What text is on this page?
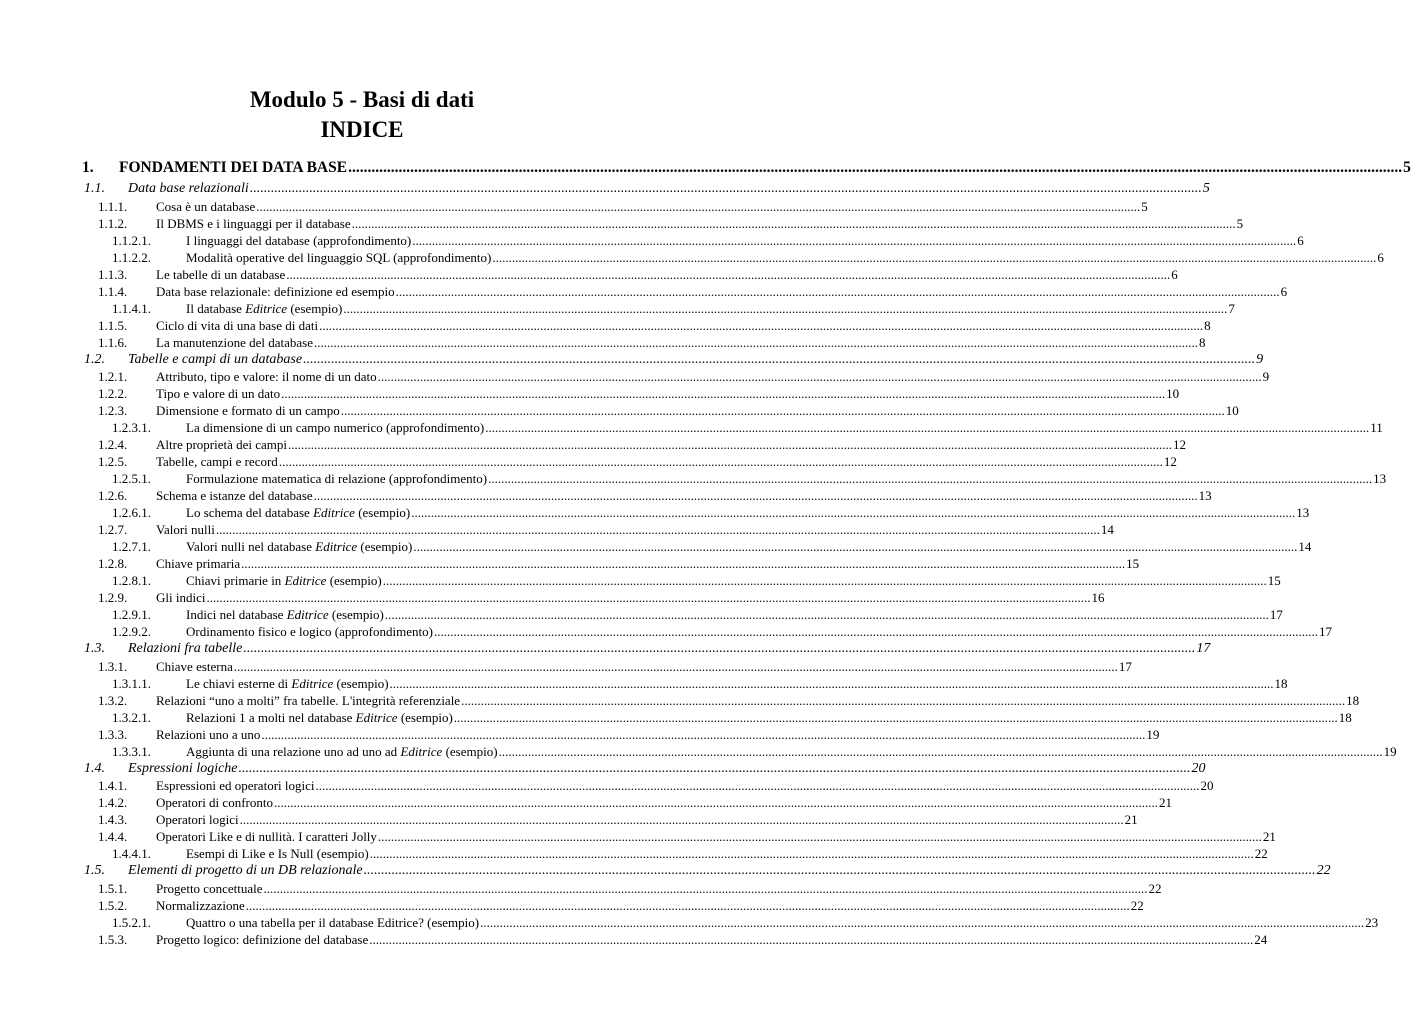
Modulo 5 - Basi di dati
INDICE
1.	FONDAMENTI DEI DATA BASE .....	5
1.1.	Data base relazionali .....	5
1.1.1.	Cosa è un database .....	5
1.1.2.	Il DBMS e i linguaggi per il database .....	5
1.1.2.1.	I linguaggi del database (approfondimento) .....	6
1.1.2.2.	Modalità operative del linguaggio SQL (approfondimento) .....	6
1.1.3.	Le tabelle di un database .....	6
1.1.4.	Data base relazionale: definizione ed esempio .....	6
1.1.4.1.	Il database Editrice (esempio) .....	7
1.1.5.	Ciclo di vita di una base di dati .....	8
1.1.6.	La manutenzione del database .....	8
1.2.	Tabelle e campi di un database .....	9
1.2.1.	Attributo, tipo e valore: il nome di un dato .....	9
1.2.2.	Tipo e valore di un dato .....	10
1.2.3.	Dimensione e formato di un campo .....	10
1.2.3.1.	La dimensione di un campo numerico (approfondimento) .....	11
1.2.4.	Altre proprietà dei campi .....	12
1.2.5.	Tabelle, campi e record .....	12
1.2.5.1.	Formulazione matematica di relazione (approfondimento) .....	13
1.2.6.	Schema e istanze del database .....	13
1.2.6.1.	Lo schema del database Editrice (esempio) .....	13
1.2.7.	Valori nulli .....	14
1.2.7.1.	Valori nulli nel database Editrice (esempio) .....	14
1.2.8.	Chiave primaria .....	15
1.2.8.1.	Chiavi primarie in Editrice (esempio) .....	15
1.2.9.	Gli indici .....	16
1.2.9.1.	Indici nel database Editrice (esempio) .....	17
1.2.9.2.	Ordinamento fisico e logico (approfondimento) .....	17
1.3.	Relazioni fra tabelle .....	17
1.3.1.	Chiave esterna .....	17
1.3.1.1.	Le chiavi esterne di Editrice (esempio) .....	18
1.3.2.	Relazioni “uno a molti” fra tabelle. L'integrità referenziale .....	18
1.3.2.1.	Relazioni 1 a molti nel database Editrice (esempio) .....	18
1.3.3.	Relazioni uno a uno .....	19
1.3.3.1.	Aggiunta di una relazione uno ad uno ad Editrice (esempio) .....	19
1.4.	Espressioni logiche .....	20
1.4.1.	Espressioni ed operatori logici .....	20
1.4.2.	Operatori di confronto .....	21
1.4.3.	Operatori logici .....	21
1.4.4.	Operatori Like e di nullità. I caratteri Jolly .....	21
1.4.4.1.	Esempi di Like e Is Null (esempio) .....	22
1.5.	Elementi di progetto di un DB relazionale .....	22
1.5.1.	Progetto concettuale .....	22
1.5.2.	Normalizzazione .....	22
1.5.2.1.	Quattro o una tabella per il database Editrice? (esempio) .....	23
1.5.3.	Progetto logico: definizione del database .....	24
